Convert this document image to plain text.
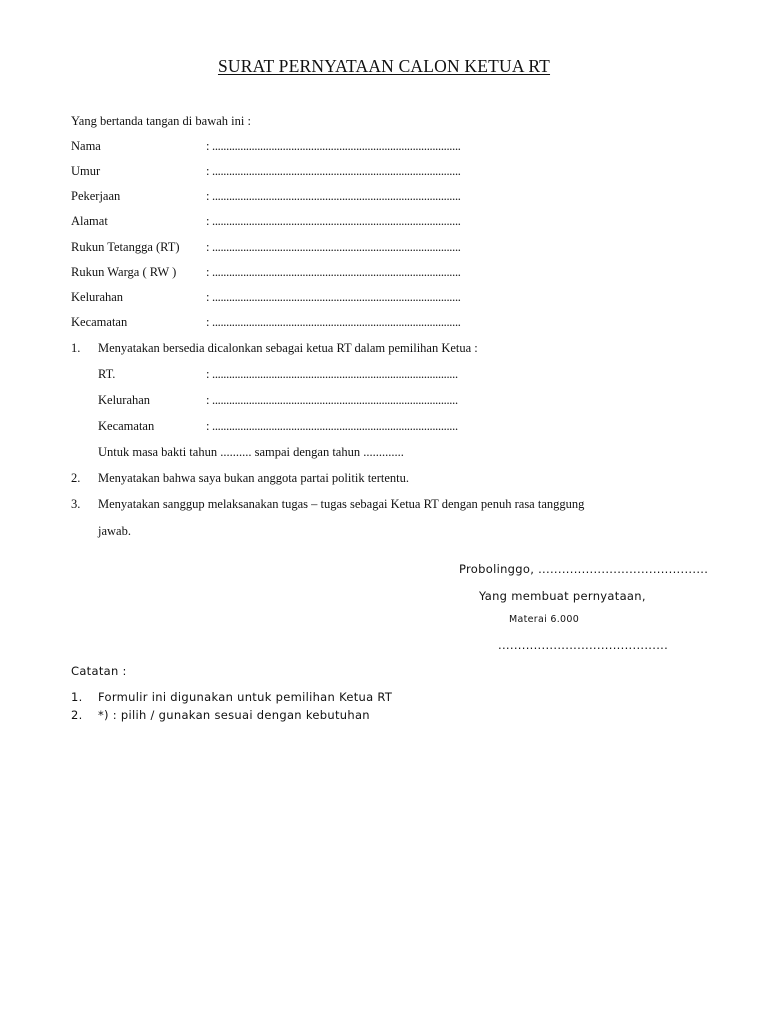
SURAT PERNYATAAN CALON KETUA RT
Yang bertanda tangan di bawah ini :
Nama	: ........................................................................................
Umur	: ........................................................................................
Pekerjaan	: ........................................................................................
Alamat	: ........................................................................................
Rukun Tetangga (RT) : ........................................................................................
Rukun Warga ( RW ) : ........................................................................................
Kelurahan	: ........................................................................................
Kecamatan	: ........................................................................................
1. Menyatakan bersedia dicalonkan sebagai ketua RT dalam pemilihan Ketua :
RT.	: .......................................................................................
Kelurahan	: .......................................................................................
Kecamatan	: .......................................................................................
Untuk masa bakti tahun .......... sampai dengan tahun .............
2. Menyatakan bahwa saya bukan anggota partai politik tertentu.
3. Menyatakan sanggup melaksanakan tugas – tugas sebagai Ketua RT dengan penuh rasa tanggung
jawab.
Probolinggo, ...........................................
Yang membuat pernyataan,
Materai 6.000
...........................................
Catatan :
1. Formulir ini digunakan untuk pemilihan Ketua RT
2. *) : pilih / gunakan sesuai dengan kebutuhan
